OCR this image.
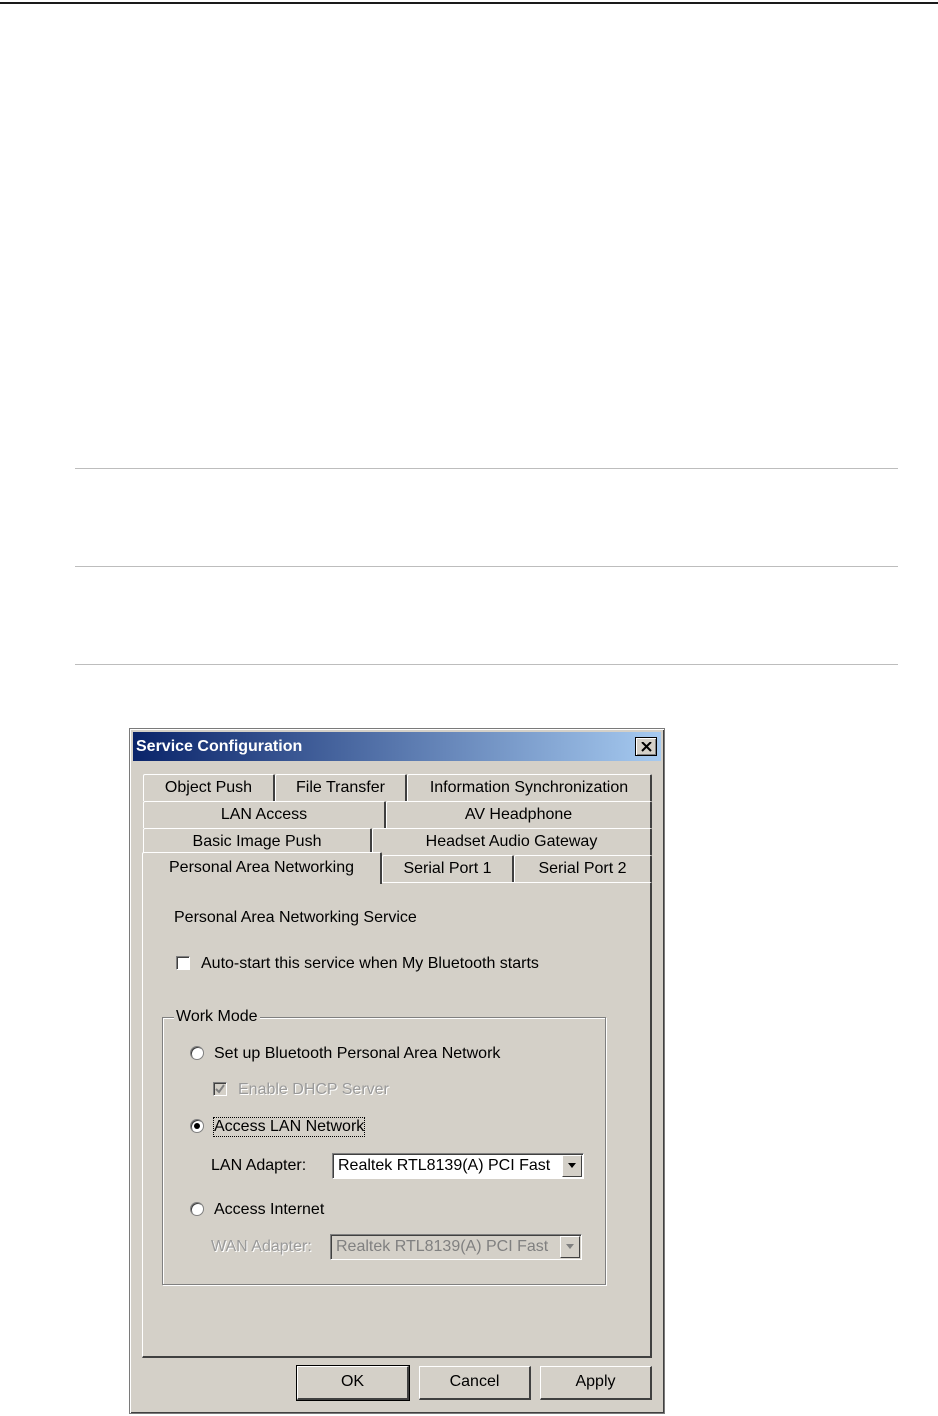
Service Configuration
Object Push	File Transfer	Information Synchronization
LAN Access	AV Headphone
Basic Image Push	Headset Audio Gateway
Personal Area Networking	Serial Port 1	Serial Port 2
Personal Area Networking Service
Auto-start this service when My Bluetooth starts
Work Mode
Set up Bluetooth Personal Area Network
Enable DHCP Server
Access LAN Network
LAN Adapter: Realtek RTL8139(A) PCI Fast
Access Internet
WAN Adapter: Realtek RTL8139(A) PCI Fast
OK	Cancel	Apply
